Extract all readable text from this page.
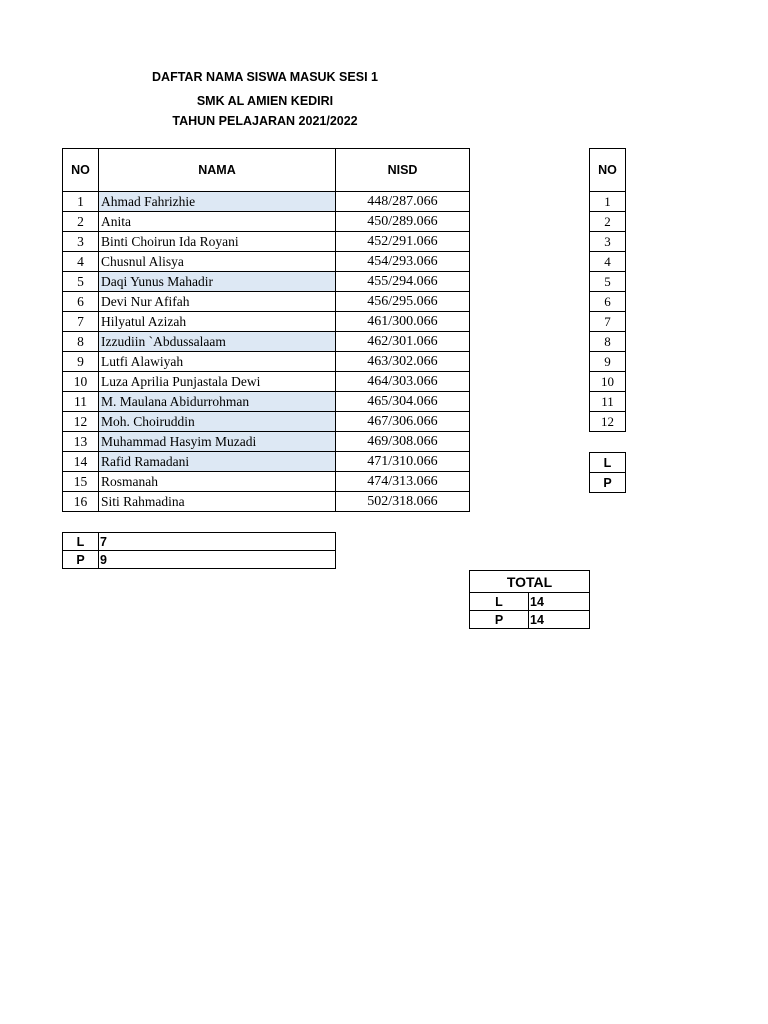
DAFTAR NAMA SISWA MASUK SESI 1
SMK AL AMIEN KEDIRI
TAHUN PELAJARAN 2021/2022
NO	NAMA	NISD
1	Ahmad Fahrizhie	448/287.066
2	Anita	450/289.066
3	Binti Choirun Ida Royani	452/291.066
4	Chusnul Alisya	454/293.066
5	Daqi Yunus Mahadir	455/294.066
6	Devi Nur Afifah	456/295.066
7	Hilyatul Azizah	461/300.066
8	Izzudiin `Abdussalaam	462/301.066
9	Lutfi Alawiyah	463/302.066
10	Luza Aprilia Punjastala Dewi	464/303.066
11	M. Maulana Abidurrohman	465/304.066
12	Moh. Choiruddin	467/306.066
13	Muhammad Hasyim Muzadi	469/308.066
14	Rafid Ramadani	471/310.066
15	Rosmanah	474/313.066
16	Siti Rahmadina	502/318.066
L	7
P	9
NO
1
2
3
4
5
6
7
8
9
10
11
12
L
P
TOTAL	
L	14
P	14
